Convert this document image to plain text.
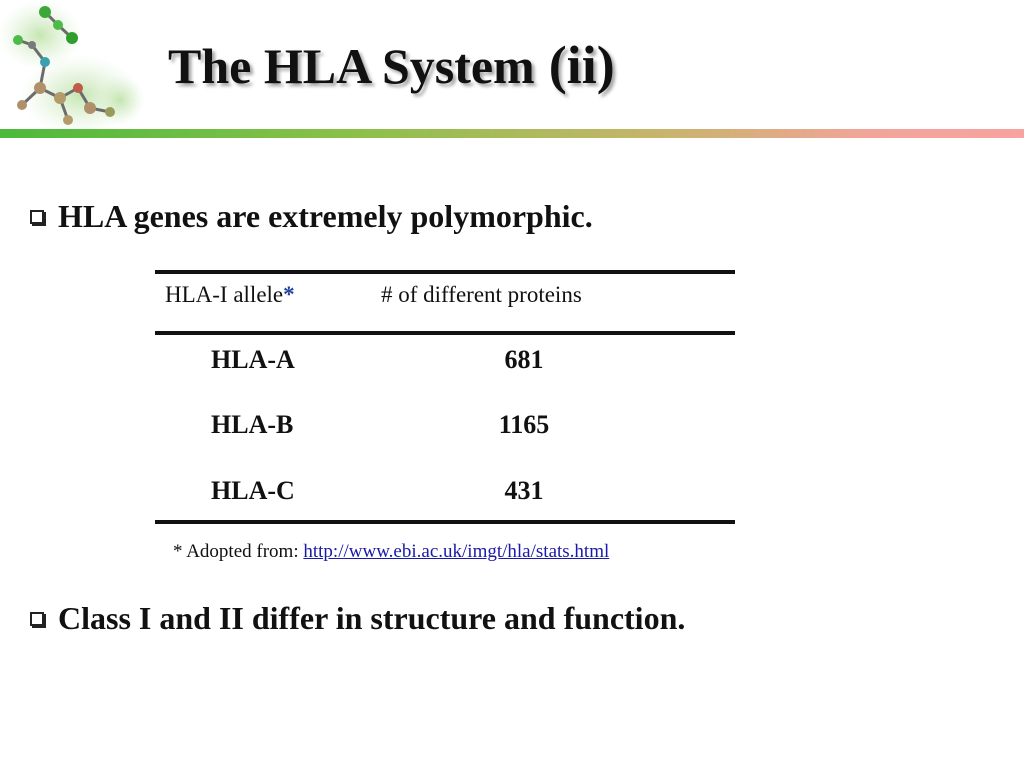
The HLA System (ii)
HLA genes are extremely polymorphic.
HLA-I allele*	# of different proteins
HLA-A	681
HLA-B	1165
HLA-C	431
* Adopted from: http://www.ebi.ac.uk/imgt/hla/stats.html
Class I and II differ in structure and function.
